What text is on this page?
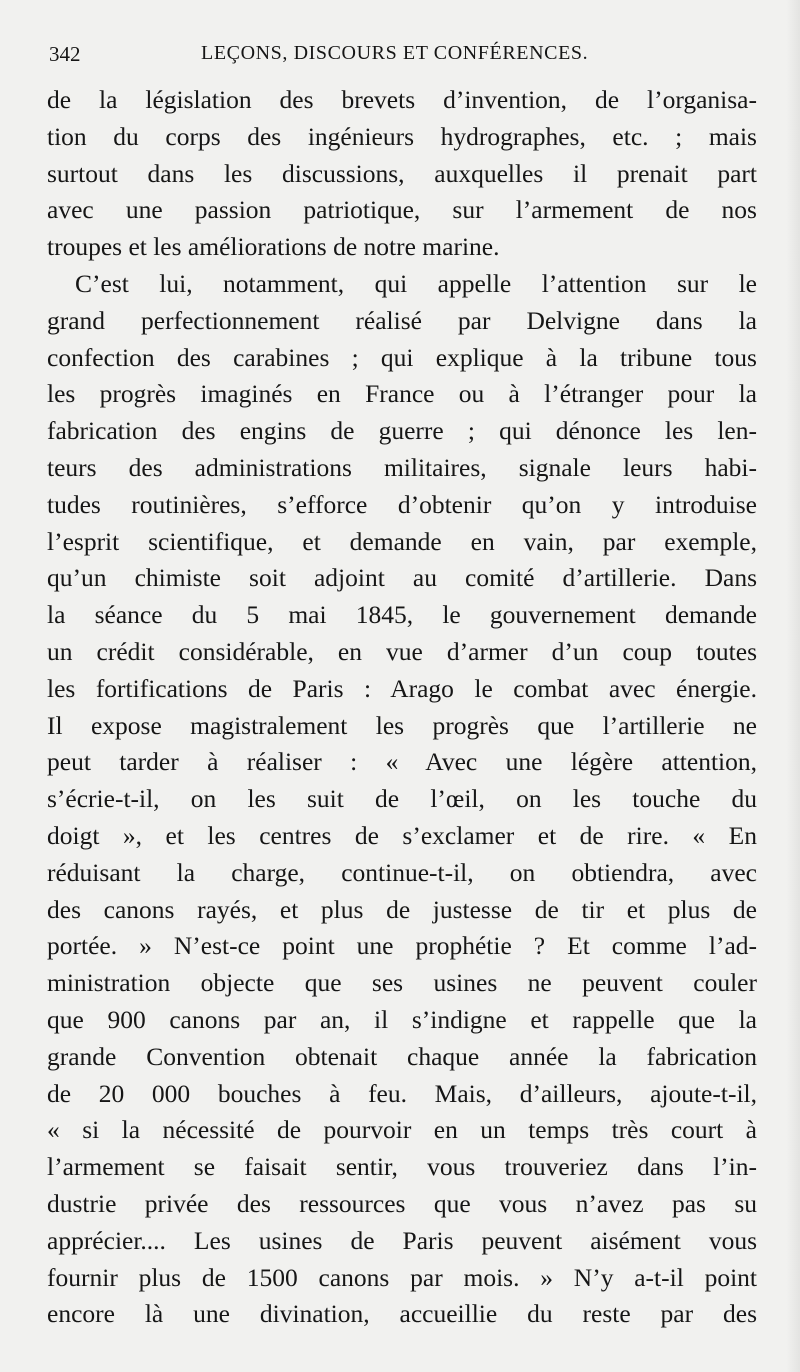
342	LEÇONS, DISCOURS ET CONFÉRENCES.
de la législation des brevets d’invention, de l’organisa-
tion du corps des ingénieurs hydrographes, etc. ; mais
surtout dans les discussions, auxquelles il prenait part
avec une passion patriotique, sur l’armement de nos
troupes et les améliorations de notre marine.
C’est lui, notamment, qui appelle l’attention sur le
grand perfectionnement réalisé par Delvigne dans la
confection des carabines ; qui explique à la tribune tous
les progrès imaginés en France ou à l’étranger pour la
fabrication des engins de guerre ; qui dénonce les len-
teurs des administrations militaires, signale leurs habi-
tudes routinières, s’efforce d’obtenir qu’on y introduise
l’esprit scientifique, et demande en vain, par exemple,
qu’un chimiste soit adjoint au comité d’artillerie. Dans
la séance du 5 mai 1845, le gouvernement demande
un crédit considérable, en vue d’armer d’un coup toutes
les fortifications de Paris : Arago le combat avec énergie.
Il expose magistralement les progrès que l’artillerie ne
peut tarder à réaliser : « Avec une légère attention,
s’écrie-t-il, on les suit de l’œil, on les touche du
doigt », et les centres de s’exclamer et de rire. « En
réduisant la charge, continue-t-il, on obtiendra, avec
des canons rayés, et plus de justesse de tir et plus de
portée. » N’est-ce point une prophétie ? Et comme l’ad-
ministration objecte que ses usines ne peuvent couler
que 900 canons par an, il s’indigne et rappelle que la
grande Convention obtenait chaque année la fabrication
de 20 000 bouches à feu. Mais, d’ailleurs, ajoute-t-il,
« si la nécessité de pourvoir en un temps très court à
l’armement se faisait sentir, vous trouveriez dans l’in-
dustrie privée des ressources que vous n’avez pas su
apprécier.... Les usines de Paris peuvent aisément vous
fournir plus de 1500 canons par mois. » N’y a-t-il point
encore là une divination, accueillie du reste par des
